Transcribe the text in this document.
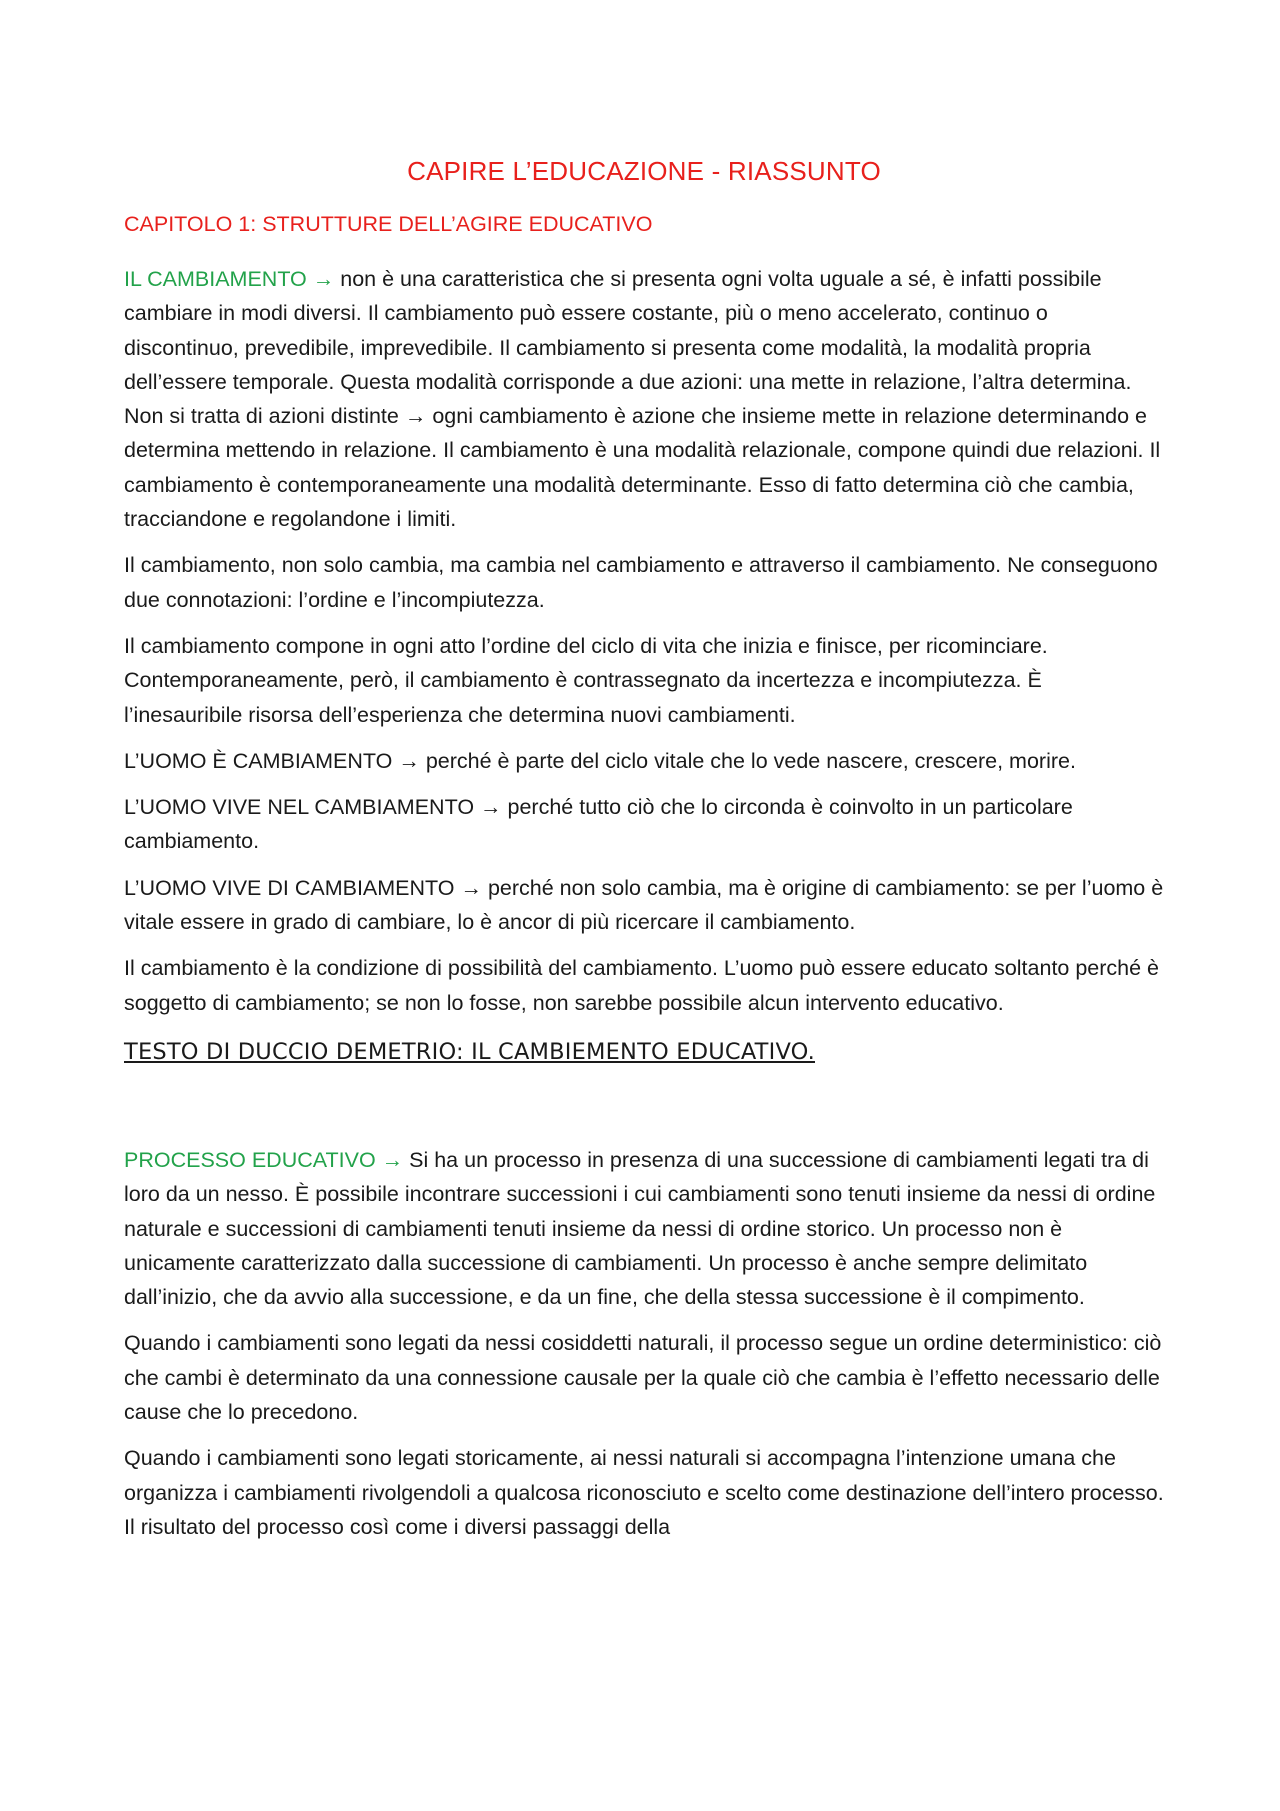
CAPIRE L’EDUCAZIONE - RIASSUNTO
CAPITOLO 1: STRUTTURE DELL’AGIRE EDUCATIVO

IL CAMBIAMENTO → non è una caratteristica che si presenta ogni volta uguale a sé, è infatti possibile cambiare in modi diversi. Il cambiamento può essere costante, più o meno accelerato, continuo o discontinuo, prevedibile, imprevedibile. Il cambiamento si presenta come modalità, la modalità propria dell’essere temporale. Questa modalità corrisponde a due azioni: una mette in relazione, l’altra determina. Non si tratta di azioni distinte → ogni cambiamento è azione che insieme mette in relazione determinando e determina mettendo in relazione. Il cambiamento è una modalità relazionale, compone quindi due relazioni. Il cambiamento è contemporaneamente una modalità determinante. Esso di fatto determina ciò che cambia, tracciandone e regolandone i limiti.

Il cambiamento, non solo cambia, ma cambia nel cambiamento e attraverso il cambiamento. Ne conseguono due connotazioni: l’ordine e l’incompiutezza.

Il cambiamento compone in ogni atto l’ordine del ciclo di vita che inizia e finisce, per ricominciare. Contemporaneamente, però, il cambiamento è contrassegnato da incertezza e incompiutezza. È l’inesauribile risorsa dell’esperienza che determina nuovi cambiamenti.

L’UOMO È CAMBIAMENTO → perché è parte del ciclo vitale che lo vede nascere, crescere, morire.

L’UOMO VIVE NEL CAMBIAMENTO → perché tutto ciò che lo circonda è coinvolto in un particolare cambiamento.

L’UOMO VIVE DI CAMBIAMENTO → perché non solo cambia, ma è origine di cambiamento: se per l’uomo è vitale essere in grado di cambiare, lo è ancor di più ricercare il cambiamento.

Il cambiamento è la condizione di possibilità del cambiamento. L’uomo può essere educato soltanto perché è soggetto di cambiamento; se non lo fosse, non sarebbe possibile alcun intervento educativo.

TESTO DI DUCCIO DEMETRIO: IL CAMBIEMENTO EDUCATIVO.

PROCESSO EDUCATIVO → Si ha un processo in presenza di una successione di cambiamenti legati tra di loro da un nesso. È possibile incontrare successioni i cui cambiamenti sono tenuti insieme da nessi di ordine naturale e successioni di cambiamenti tenuti insieme da nessi di ordine storico. Un processo non è unicamente caratterizzato dalla successione di cambiamenti. Un processo è anche sempre delimitato dall’inizio, che da avvio alla successione, e da un fine, che della stessa successione è il compimento.

Quando i cambiamenti sono legati da nessi cosiddetti naturali, il processo segue un ordine deterministico: ciò che cambi è determinato da una connessione causale per la quale ciò che cambia è l’effetto necessario delle cause che lo precedono.

Quando i cambiamenti sono legati storicamente, ai nessi naturali si accompagna l’intenzione umana che organizza i cambiamenti rivolgendoli a qualcosa riconosciuto e scelto come destinazione dell’intero processo. Il risultato del processo così come i diversi passaggi della
